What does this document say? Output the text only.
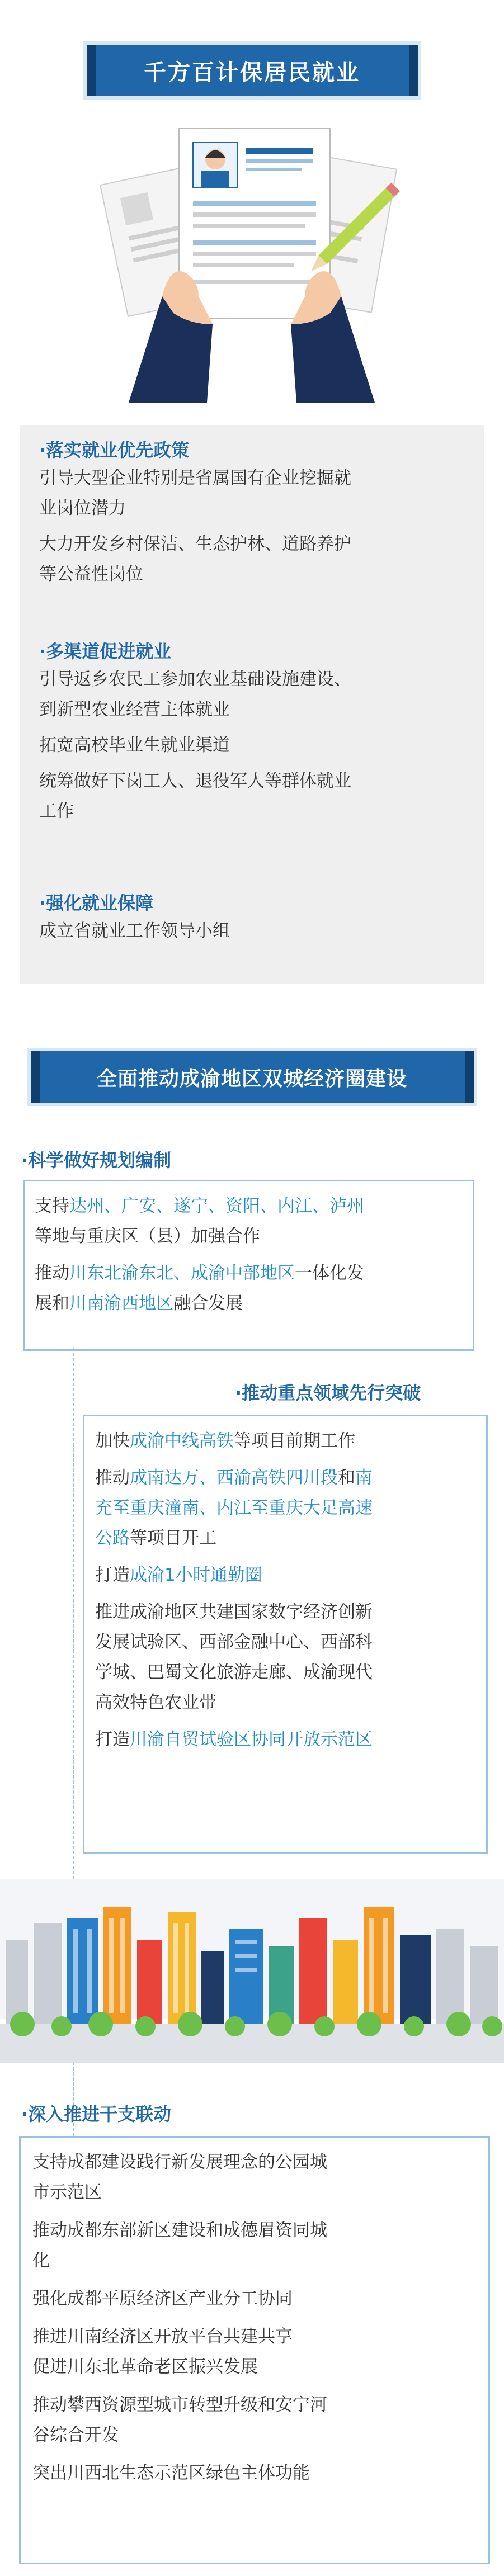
千方百计保居民就业
·落实就业优先政策
引导大型企业特别是省属国有企业挖掘就
业岗位潜力
大力开发乡村保洁、生态护林、道路养护
等公益性岗位
·多渠道促进就业
引导返乡农民工参加农业基础设施建设、
到新型农业经营主体就业
拓宽高校毕业生就业渠道
统筹做好下岗工人、退役军人等群体就业
工作
·强化就业保障
成立省就业工作领导小组
全面推动成渝地区双城经济圈建设
·科学做好规划编制
支持达州、广安、遂宁、资阳、内江、泸州
等地与重庆区（县）加强合作
推动川东北渝东北、成渝中部地区一体化发
展和川南渝西地区融合发展
·推动重点领域先行突破
加快成渝中线高铁等项目前期工作
推动成南达万、西渝高铁四川段和南
充至重庆潼南、内江至重庆大足高速
公路等项目开工
打造成渝1小时通勤圈
推进成渝地区共建国家数字经济创新
发展试验区、西部金融中心、西部科
学城、巴蜀文化旅游走廊、成渝现代
高效特色农业带
打造川渝自贸试验区协同开放示范区
·深入推进干支联动
支持成都建设践行新发展理念的公园城
市示范区
推动成都东部新区建设和成德眉资同城
化
强化成都平原经济区产业分工协同
推进川南经济区开放平台共建共享
促进川东北革命老区振兴发展
推动攀西资源型城市转型升级和安宁河
谷综合开发
突出川西北生态示范区绿色主体功能
